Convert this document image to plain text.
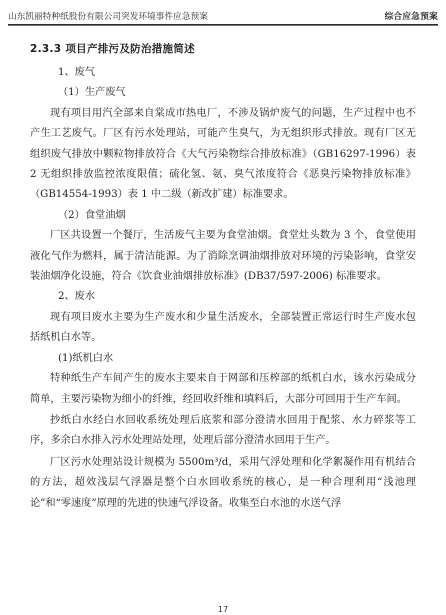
山东凯丽特种纸股份有限公司突发环境事件应急预案	综合应急预案
2.3.3 项目产排污及防治措施简述
1、废气
（1）生产废气

现有项目用汽全部来自棠成市热电厂，不涉及锅炉废气的问题，生产过程中也不产生工艺废气。厂区有污水处理站，可能产生臭气，为无组织形式排放。现有厂区无组织废气排放中颗粒物排放符合《大气污染物综合排放标准》（GB16297-1996）表 2 无组织排放监控浓度限值；硫化氢、氨、臭气浓度符合《恶臭污染物排放标准》（GB14554-1993）表 1 中二级（新改扩建）标准要求。

（2）食堂油烟

厂区共设置一个餐厅，生活废气主要为食堂油烟。食堂灶头数为 3 个，食堂使用液化气作为燃料，属于清洁能源。为了消除烹调油烟排放对环境的污染影响，食堂安装油烟净化设施，符合《饮食业油烟排放标准》(DB37/597-2006) 标准要求。

2、废水

现有项目废水主要为生产废水和少量生活废水，全部装置正常运行时生产废水包括纸机白水等。

(1)纸机白水

特种纸生产车间产生的废水主要来自于网部和压榨部的纸机白水，该水污染成分简单，主要污染物为细小的纤维，经回收纤维和填料后，大部分可回用于生产车间。

抄纸白水经白水回收系统处理后底浆和部分澄清水回用于配浆、水力碎浆等工序，多余白水排入污水处理站处理，处理后部分澄清水回用于生产。

厂区污水处理站设计规模为 5500m³/d，采用气浮处理和化学絮凝作用有机结合的方法，超效浅层气浮器是整个白水回收系统的核心，是一种合理利用“浅池理论”和“零速度”原理的先进的快速气浮设备。收集至白水池的水送气浮

17
